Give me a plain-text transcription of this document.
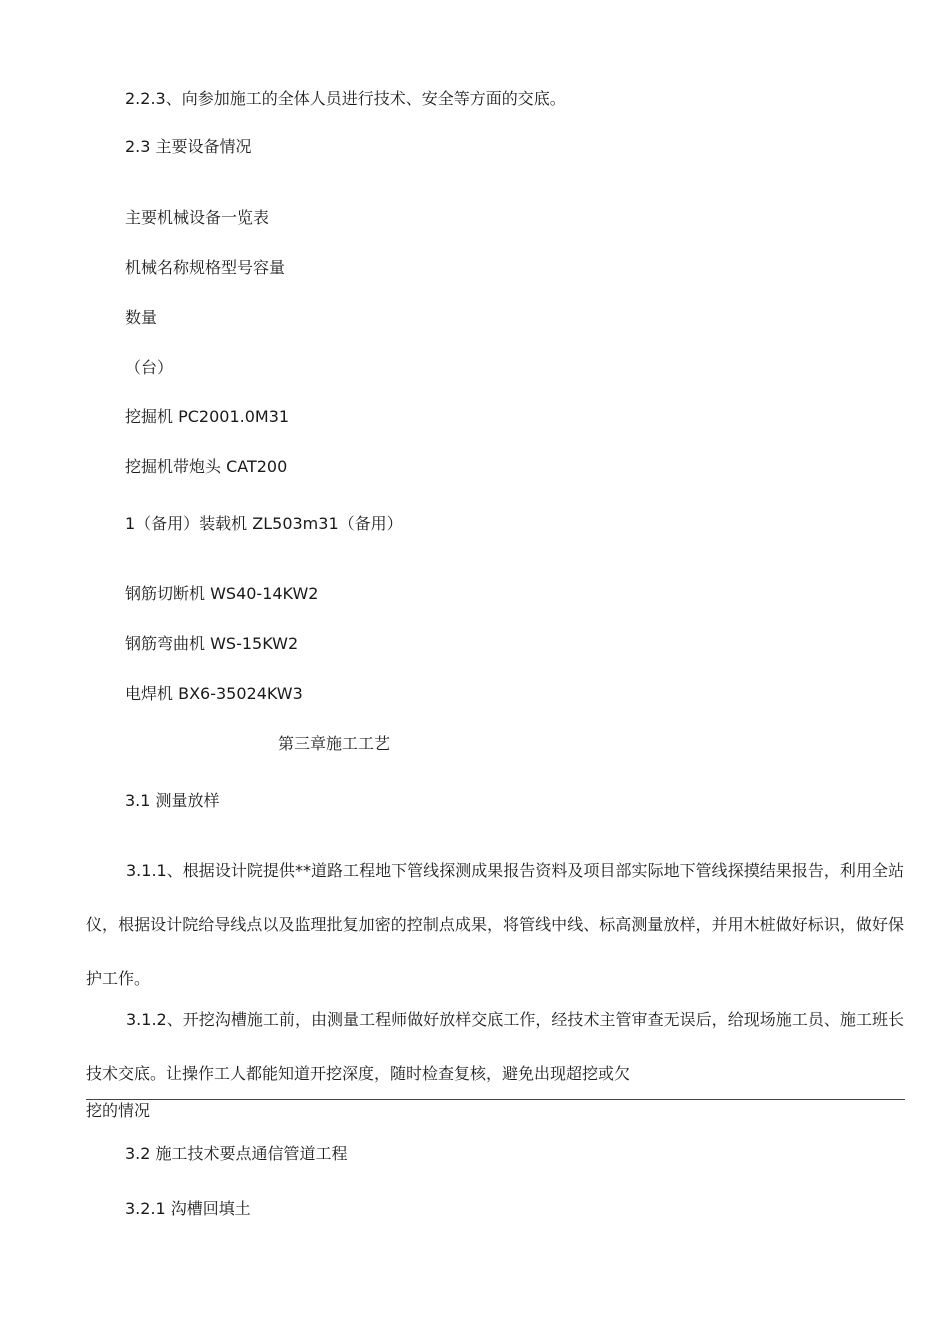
2.2.3、向参加施工的全体人员进行技术、安全等方面的交底。
2.3 主要设备情况
主要机械设备一览表
机械名称规格型号容量
数量
（台）
挖掘机 PC2001.0M31
挖掘机带炮头 CAT200
1（备用）装载机 ZL503m31（备用）
钢筋切断机 WS40-14KW2
钢筋弯曲机 WS-15KW2
电焊机 BX6-35024KW3
第三章施工工艺
3.1 测量放样

3.1.1、根据设计院提供**道路工程地下管线探测成果报告资料及项目部实际地下管线探摸结果报告，利用全站仪，根据设计院给导线点以及监理批复加密的控制点成果，将管线中线、标高测量放样，并用木桩做好标识，做好保护工作。

3.1.2、开挖沟槽施工前，由测量工程师做好放样交底工作，经技术主管审查无误后，给现场施工员、施工班长技术交底。让操作工人都能知道开挖深度，随时检查复核，避免出现超挖或欠

挖的情况
3.2 施工技术要点通信管道工程
3.2.1 沟槽回填土
